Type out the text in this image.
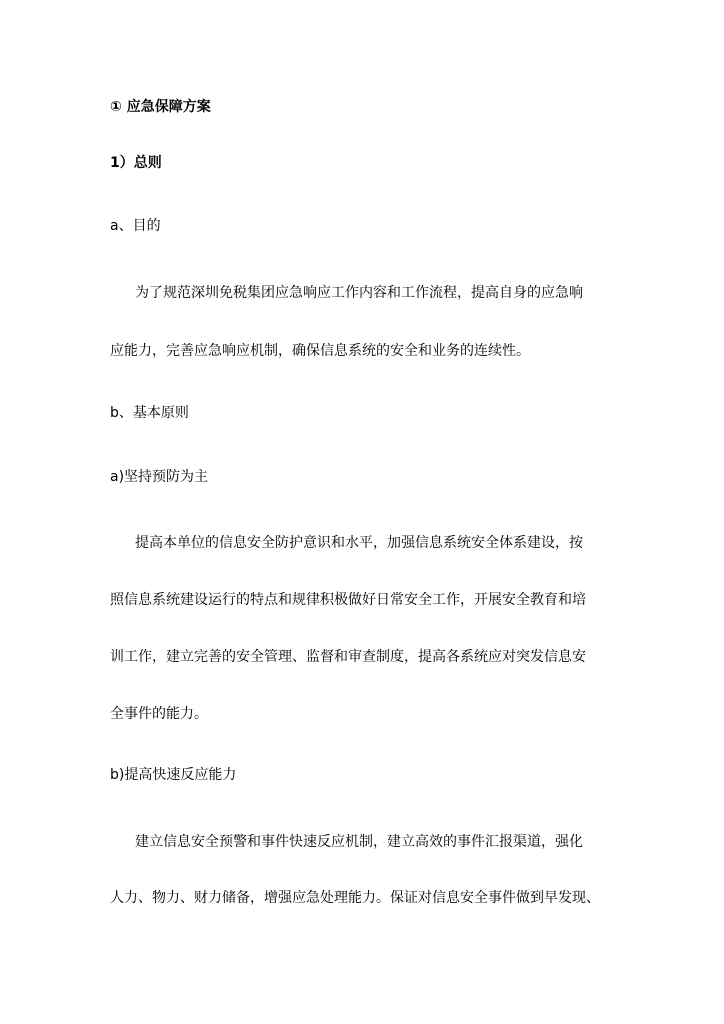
① 应急保障方案
1）总则
a、目的
为了规范深圳免税集团应急响应工作内容和工作流程，提高自身的应急响
应能力，完善应急响应机制，确保信息系统的安全和业务的连续性。
b、基本原则
a)坚持预防为主
提高本单位的信息安全防护意识和水平，加强信息系统安全体系建设，按
照信息系统建设运行的特点和规律积极做好日常安全工作，开展安全教育和培
训工作，建立完善的安全管理、监督和审查制度，提高各系统应对突发信息安
全事件的能力。
b)提高快速反应能力
建立信息安全预警和事件快速反应机制，建立高效的事件汇报渠道，强化
人力、物力、财力储备，增强应急处理能力。保证对信息安全事件做到早发现、
